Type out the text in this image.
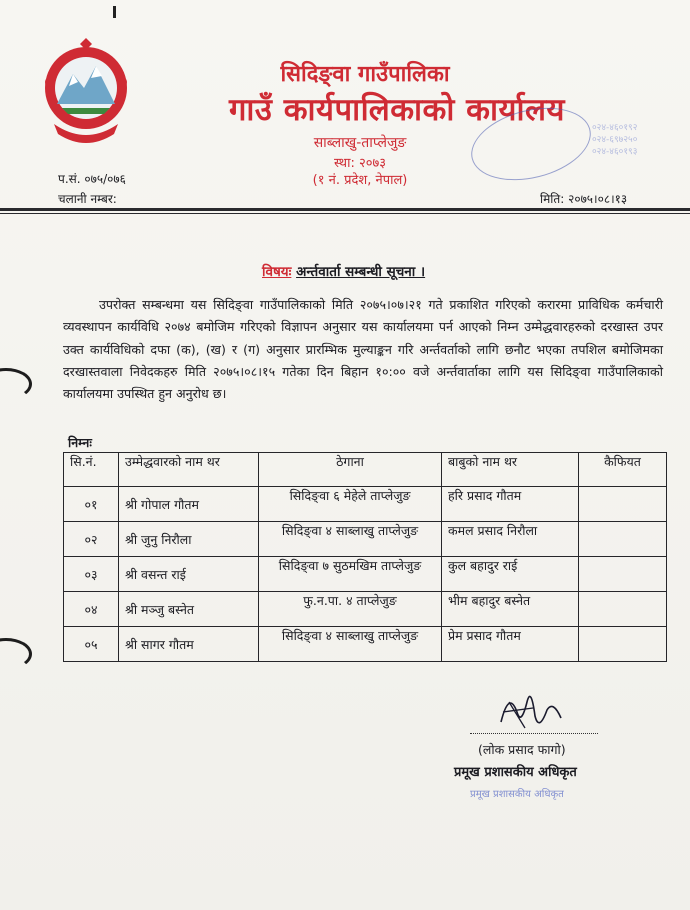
सिदिङ्वा गाउँपालिका
गाउँ कार्यपालिकाको कार्यालय
साब्लाखु-ताप्लेजुङ
स्था: २०७३
(१ नं. प्रदेश, नेपाल)
०२४-४६०१९२
०२४-६९७२५०
०२४-४६०१९३
प.सं. ०७५/०७६
चलानी नम्बर:	मिति: २०७५।०८।१३
विषयः अर्न्तवार्ता सम्बन्धी सूचना ।

उपरोक्त सम्बन्धमा यस सिदिङ्वा गाउँपालिकाको मिति २०७५।०७।२१ गते प्रकाशित गरिएको करारमा प्राविधिक कर्मचारी व्यवस्थापन कार्यविधि २०७४ बमोजिम गरिएको विज्ञापन अनुसार यस कार्यालयमा पर्न आएको निम्न उम्मेद्धवारहरुको दरखास्त उपर उक्त कार्यविधिको दफा (क), (ख) र (ग) अनुसार प्रारम्भिक मुल्याङ्कन गरि अर्न्तवर्ताको लागि छनौट भएका तपशिल बमोजिमका दरखास्तवाला निवेदकहरु मिति २०७५।०८।१५ गतेका दिन बिहान १०:०० वजे अर्न्तवार्ताका लागि यस सिदिङ्वा गाउँपालिकाको कार्यालयमा उपस्थित हुन अनुरोध छ।

निम्नः
सि.नं.	उम्मेद्धवारको नाम थर	ठेगाना	बाबुको नाम थर	कैफियत
०१	श्री गोपाल गौतम	सिदिङ्वा ६ मेहेले ताप्लेजुङ	हरि प्रसाद गौतम	
०२	श्री जुनु निरौला	सिदिङ्वा ४ साब्लाखु ताप्लेजुङ	कमल प्रसाद निरौला	
०३	श्री वसन्त राई	सिदिङ्वा ७ सुठमखिम ताप्लेजुङ	कुल बहादुर राई	
०४	श्री मञ्जु बस्नेत	फु.न.पा. ४ ताप्लेजुङ	भीम बहादुर बस्नेत	
०५	श्री सागर गौतम	सिदिङ्वा ४ साब्लाखु ताप्लेजुङ	प्रेम प्रसाद गौतम	
(लोक प्रसाद फागो)
प्रमूख प्रशासकीय अधिकृत
प्रमूख प्रशासकीय अधिकृत
